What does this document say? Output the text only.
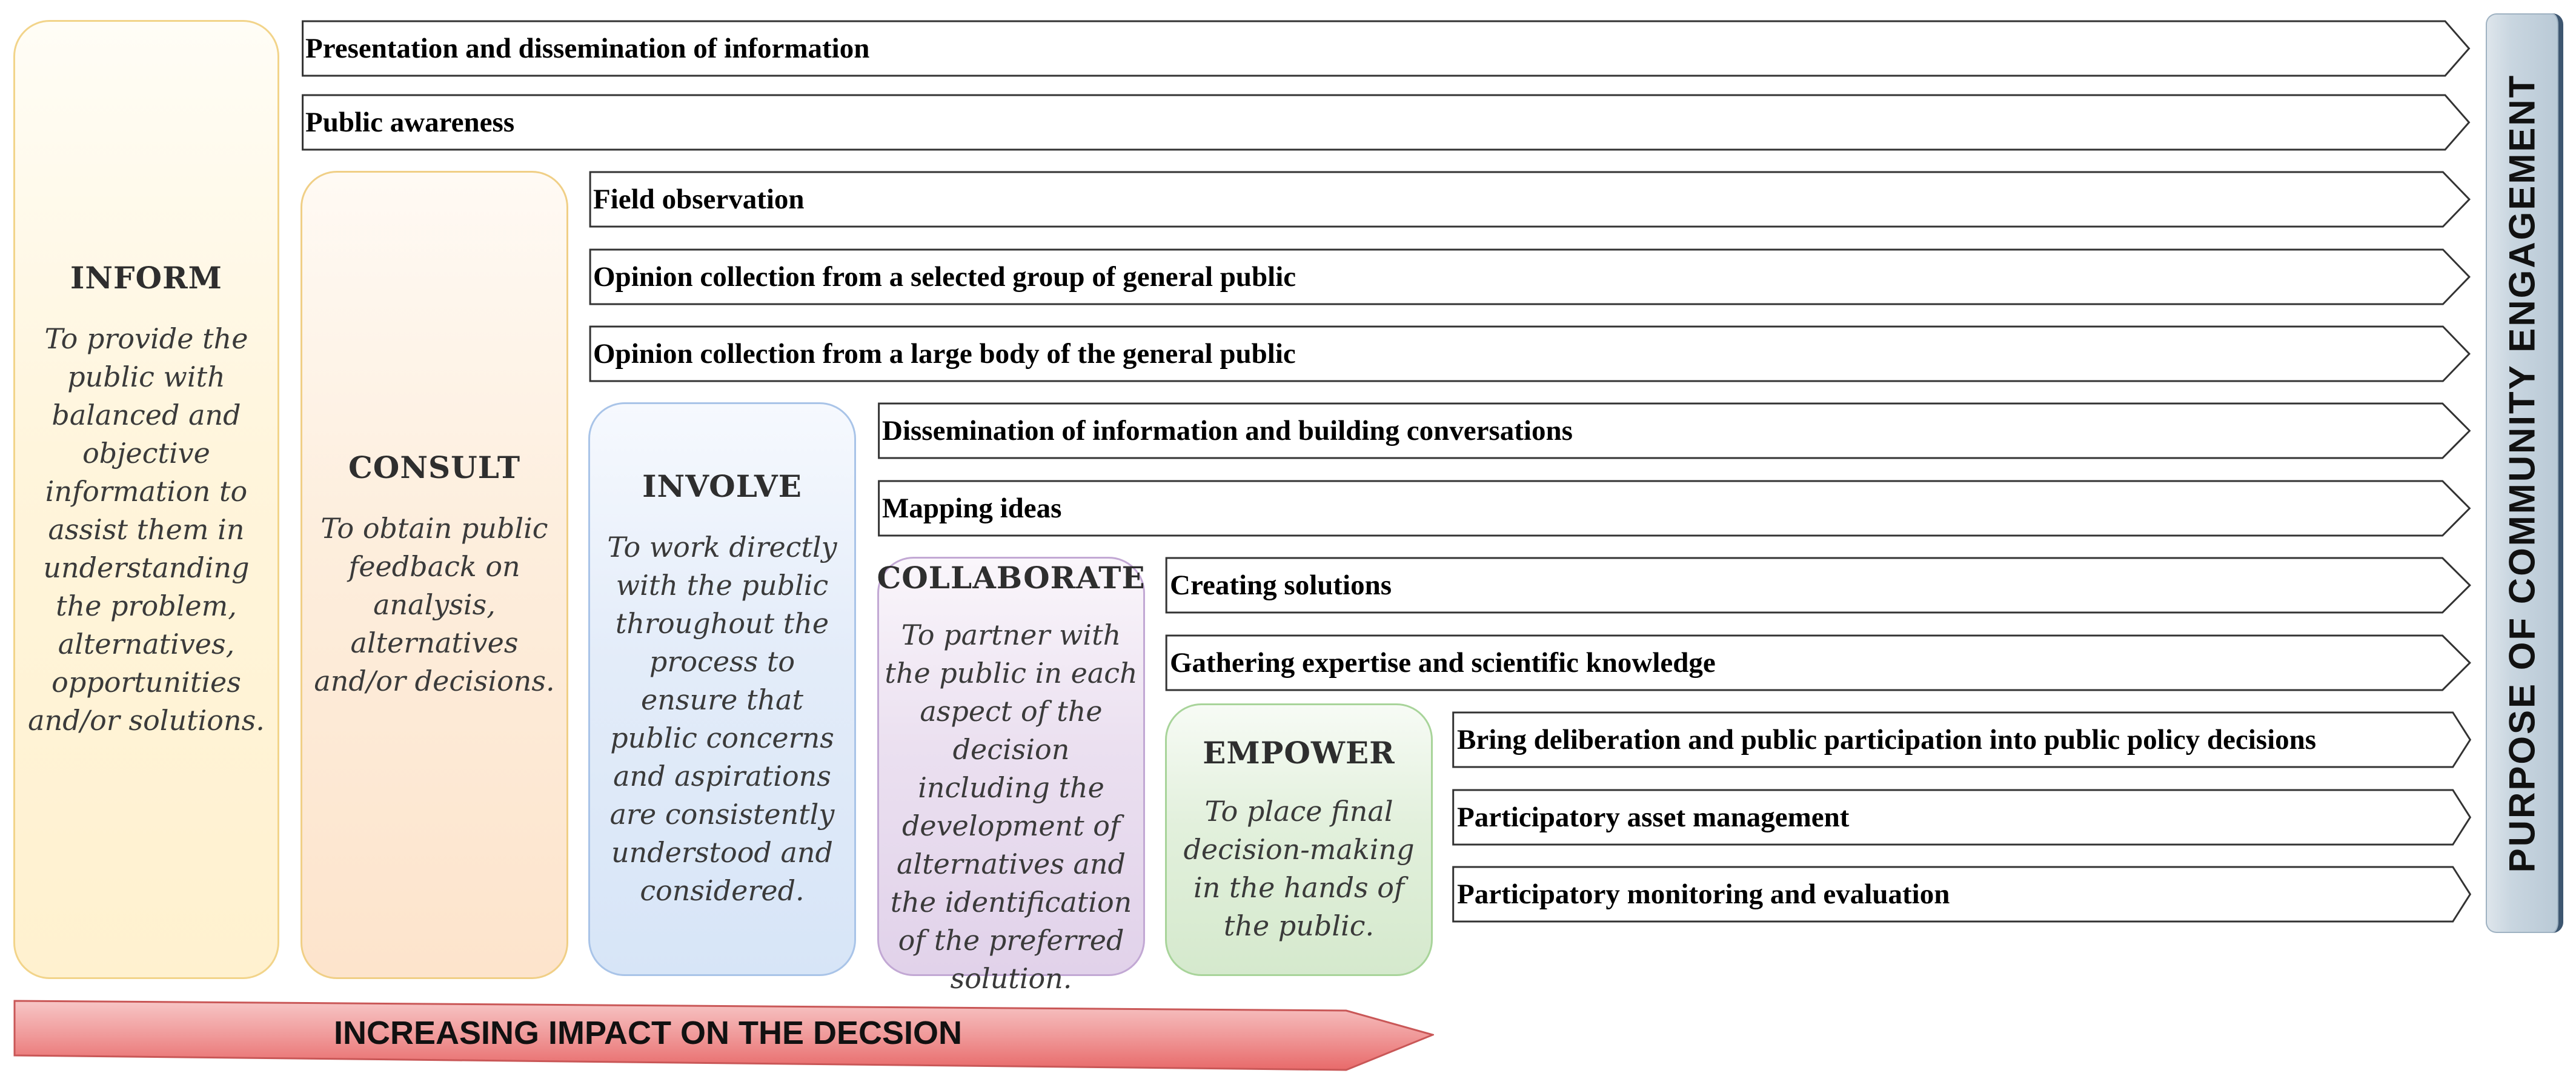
INFORM
To provide the public with balanced and objective information to assist them in understanding the problem, alternatives, opportunities and/or solutions.
CONSULT
To obtain public feedback on analysis, alternatives and/or decisions.
INVOLVE
To work directly with the public throughout the process to ensure that public concerns and aspirations are consistently understood and considered.
COLLABORATE
To partner with the public in each aspect of the decision including the development of alternatives and the identification of the preferred solution.
EMPOWER
To place final decision-making in the hands of the public.
Presentation and dissemination of information
Public awareness
Field observation
Opinion collection from a selected group of general public
Opinion collection from a large body of the general public
Dissemination of information and building conversations
Mapping ideas
Creating solutions
Gathering expertise and scientific knowledge
Bring deliberation and public participation into public policy decisions
Participatory asset management
Participatory monitoring and evaluation
PURPOSE OF COMMUNITY ENGAGEMENT
INCREASING IMPACT ON THE DECSION
